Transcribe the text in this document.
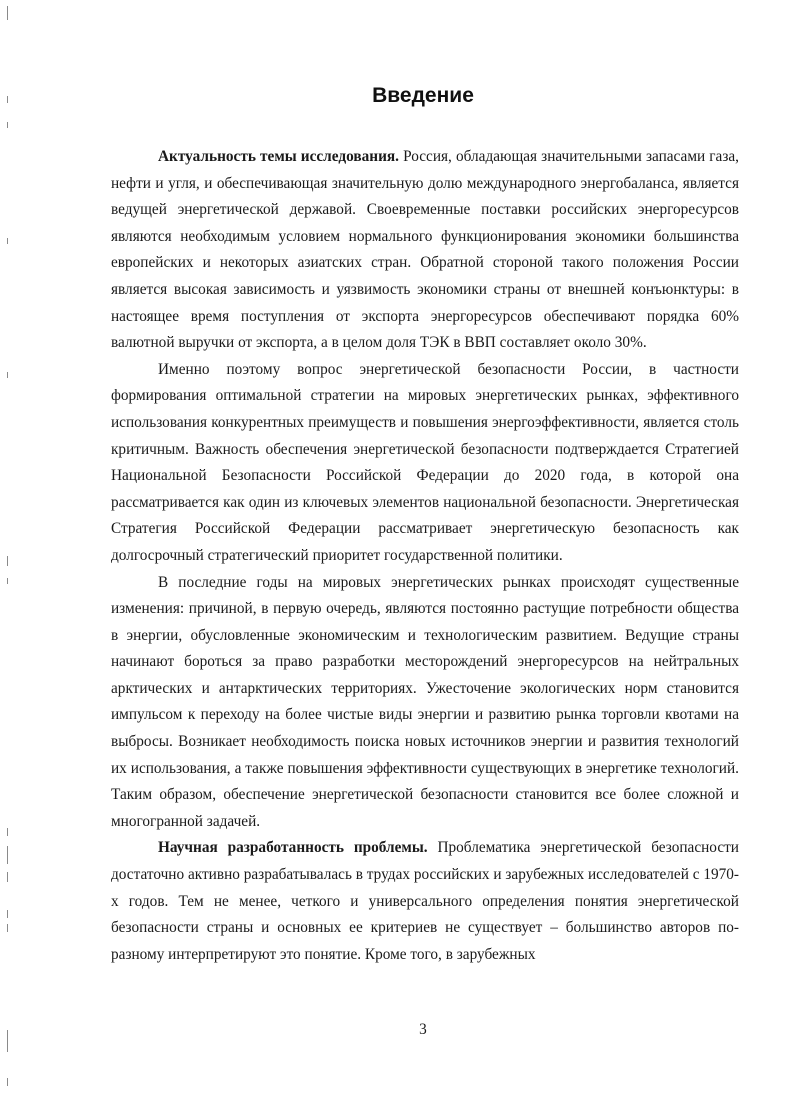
Введение

Актуальность темы исследования. Россия, обладающая значительными запасами газа, нефти и угля, и обеспечивающая значительную долю международного энергобаланса, является ведущей энергетической державой. Своевременные поставки российских энергоресурсов являются необходимым условием нормального функционирования экономики большинства европейских и некоторых азиатских стран. Обратной стороной такого положения России является высокая зависимость и уязвимость экономики страны от внешней конъюнктуры: в настоящее время поступления от экспорта энергоресурсов обеспечивают порядка 60% валютной выручки от экспорта, а в целом доля ТЭК в ВВП составляет около 30%.

Именно поэтому вопрос энергетической безопасности России, в частности формирования оптимальной стратегии на мировых энергетических рынках, эффективного использования конкурентных преимуществ и повышения энергоэффективности, является столь критичным. Важность обеспечения энергетической безопасности подтверждается Стратегией Национальной Безопасности Российской Федерации до 2020 года, в которой она рассматривается как один из ключевых элементов национальной безопасности. Энергетическая Стратегия Российской Федерации рассматривает энергетическую безопасность как долгосрочный стратегический приоритет государственной политики.

В последние годы на мировых энергетических рынках происходят существенные изменения: причиной, в первую очередь, являются постоянно растущие потребности общества в энергии, обусловленные экономическим и технологическим развитием. Ведущие страны начинают бороться за право разработки месторождений энергоресурсов на нейтральных арктических и антарктических территориях. Ужесточение экологических норм становится импульсом к переходу на более чистые виды энергии и развитию рынка торговли квотами на выбросы. Возникает необходимость поиска новых источников энергии и развития технологий их использования, а также повышения эффективности существующих в энергетике технологий. Таким образом, обеспечение энергетической безопасности становится все более сложной и многогранной задачей.

Научная разработанность проблемы. Проблематика энергетической безопасности достаточно активно разрабатывалась в трудах российских и зарубежных исследователей с 1970-х годов. Тем не менее, четкого и универсального определения понятия энергетической безопасности страны и основных ее критериев не существует – большинство авторов по-разному интерпретируют это понятие. Кроме того, в зарубежных

3
